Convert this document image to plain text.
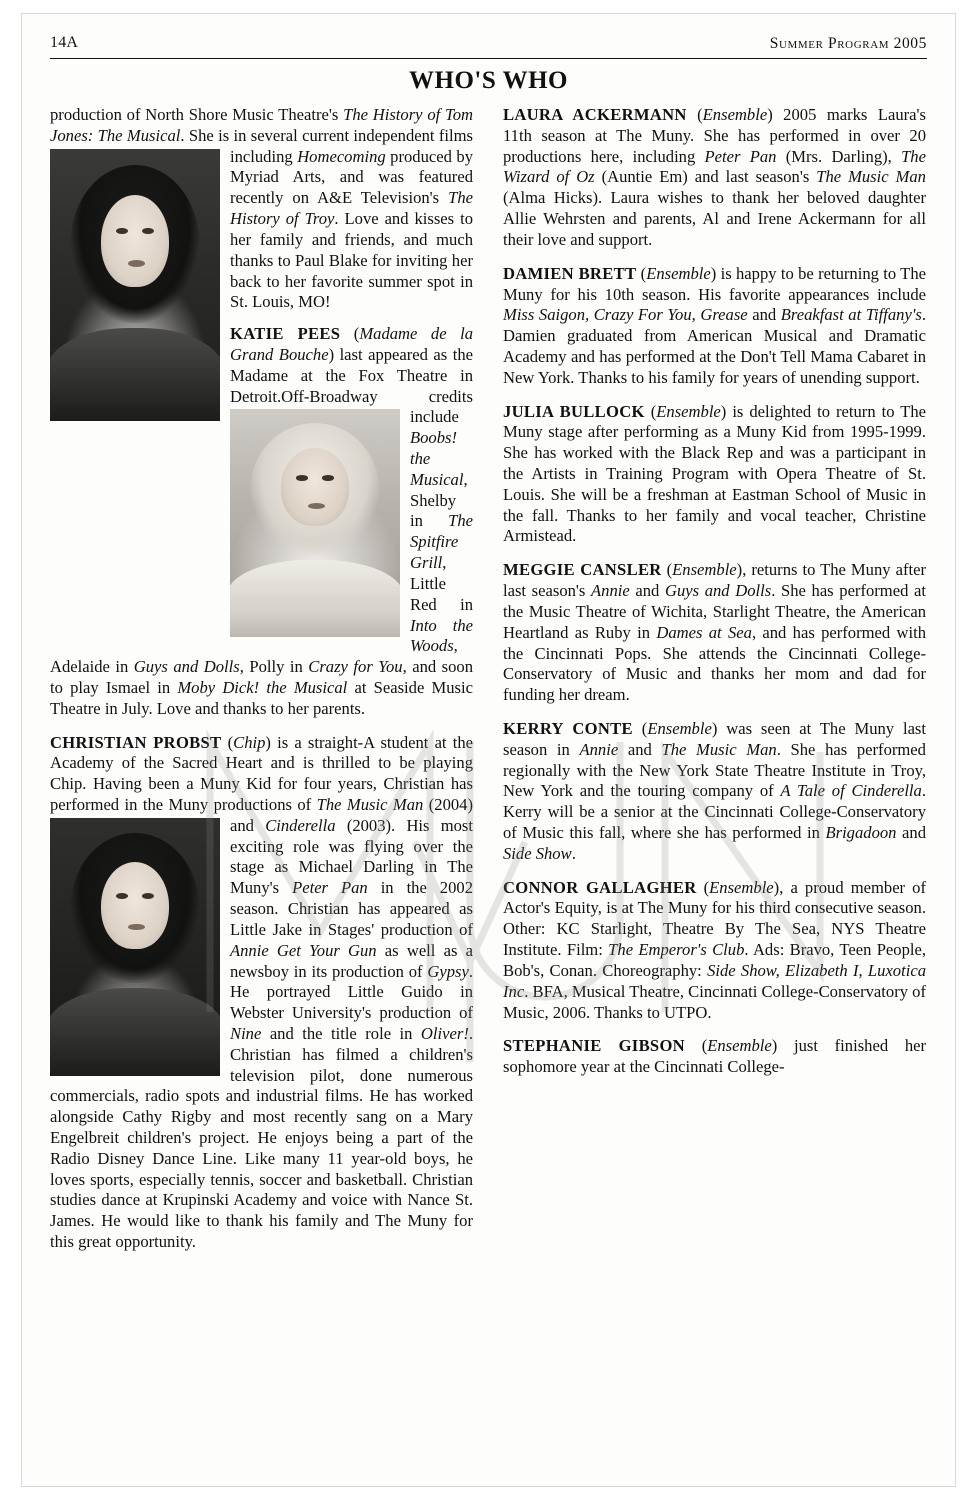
14A	Summer Program 2005
WHO'S WHO

production of North Shore Music Theatre's The History of Tom Jones: The Musical. She is in several current independent films including
Homecoming produced by Myriad Arts, and was featured recently on A&E Television's The History of Troy. Love and kisses to her family and friends, and much thanks to Paul Blake for inviting her back to her favorite summer spot in St. Louis, MO!

KATIE PEES (Madame de la Grand Bouche) last appeared as the Madame at the Fox Theatre in Detroit.Off-Broadway credits include
Boobs! the Musical, Shelby in The Spitfire Grill, Little Red in Into the Woods, Adelaide in Guys and Dolls, Polly in Crazy for You, and soon to play Ismael in Moby Dick! the Musical at Seaside Music Theatre in July. Love and thanks to her parents.

CHRISTIAN PROBST (Chip) is a straight-A student at the Academy of the Sacred Heart and is thrilled to be playing Chip. Having been a Muny Kid for four years, Christian has performed in the Muny productions of
The Music Man (2004) and Cinderella (2003). His most exciting role was flying over the stage as Michael Darling in The Muny's Peter Pan in the 2002 season. Christian has appeared as Little Jake in Stages' production of Annie Get Your Gun as well as a newsboy in its production of Gypsy. He portrayed Little Guido in Webster University's production of Nine and the title role in Oliver!. Christian has filmed a children's television pilot, done numerous commercials, radio spots and industrial films. He has worked alongside Cathy Rigby and most recently sang on a Mary Engelbreit children's project. He enjoys being a part of the Radio Disney Dance Line. Like many 11 year-old boys, he loves sports, especially tennis, soccer and basketball. Christian studies dance at Krupinski Academy and voice with Nance St. James. He would like to thank his family and The Muny for this great opportunity.

LAURA ACKERMANN (Ensemble) 2005 marks Laura's 11th season at The Muny. She has performed in over 20 productions here, including Peter Pan (Mrs. Darling), The Wizard of Oz (Auntie Em) and last season's The Music Man (Alma Hicks). Laura wishes to thank her beloved daughter Allie Wehrsten and parents, Al and Irene Ackermann for all their love and support.

DAMIEN BRETT (Ensemble) is happy to be returning to The Muny for his 10th season. His favorite appearances include Miss Saigon, Crazy For You, Grease and Breakfast at Tiffany's. Damien graduated from American Musical and Dramatic Academy and has performed at the Don't Tell Mama Cabaret in New York. Thanks to his family for years of unending support.

JULIA BULLOCK (Ensemble) is delighted to return to The Muny stage after performing as a Muny Kid from 1995-1999. She has worked with the Black Rep and was a participant in the Artists in Training Program with Opera Theatre of St. Louis. She will be a freshman at Eastman School of Music in the fall. Thanks to her family and vocal teacher, Christine Armistead.

MEGGIE CANSLER (Ensemble), returns to The Muny after last season's Annie and Guys and Dolls. She has performed at the Music Theatre of Wichita, Starlight Theatre, the American Heartland as Ruby in Dames at Sea, and has performed with the Cincinnati Pops. She attends the Cincinnati College-Conservatory of Music and thanks her mom and dad for funding her dream.

KERRY CONTE (Ensemble) was seen at The Muny last season in Annie and The Music Man. She has performed regionally with the New York State Theatre Institute in Troy, New York and the touring company of A Tale of Cinderella. Kerry will be a senior at the Cincinnati College-Conservatory of Music this fall, where she has performed in Brigadoon and Side Show.

CONNOR GALLAGHER (Ensemble), a proud member of Actor's Equity, is at The Muny for his third consecutive season. Other: KC Starlight, Theatre By The Sea, NYS Theatre Institute. Film: The Emperor's Club. Ads: Bravo, Teen People, Bob's, Conan. Choreography: Side Show, Elizabeth I, Luxotica Inc. BFA, Musical Theatre, Cincinnati College-Conservatory of Music, 2006. Thanks to UTPO.

STEPHANIE GIBSON (Ensemble) just finished her sophomore year at the Cincinnati College-
